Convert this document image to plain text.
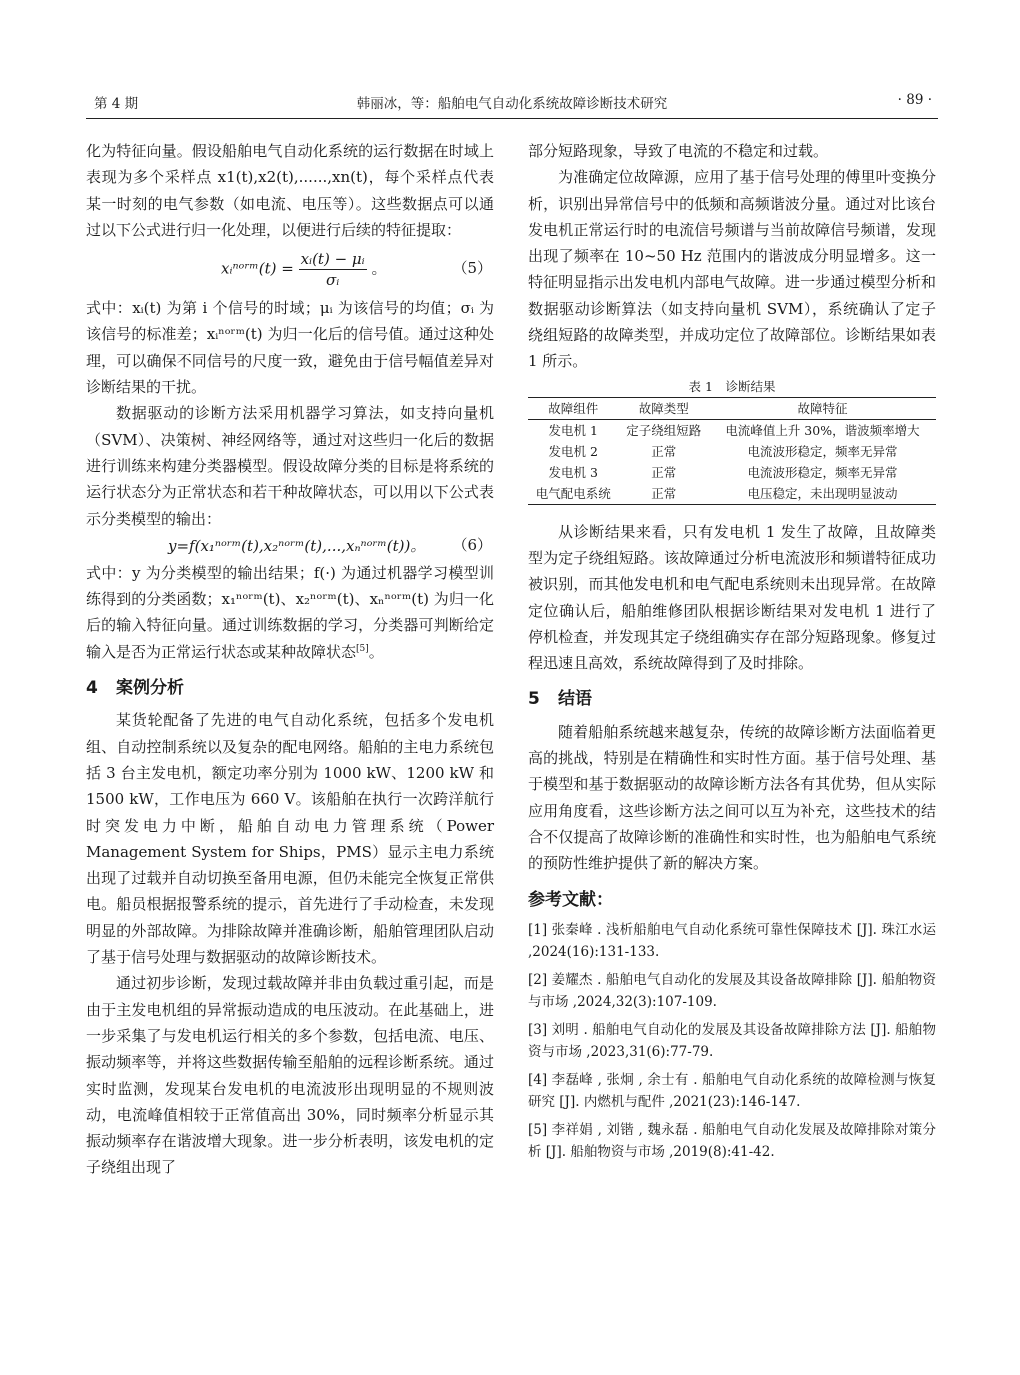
第 4 期	韩丽冰，等：船舶电气自动化系统故障诊断技术研究	· 89 ·

化为特征向量。假设船舶电气自动化系统的运行数据在时域上表现为多个采样点 x1(t),x2(t),......,xn(t)，每个采样点代表某一时刻的电气参数（如电流、电压等）。这些数据点可以通过以下公式进行归一化处理，以便进行后续的特征提取：

xᵢⁿᵒʳᵐ(t) = $\frac{\text{xᵢ(t) − μᵢ}}{\text{σᵢ}}$ 。	（5）

式中：xᵢ(t) 为第 i 个信号的时域；μᵢ 为该信号的均值；σᵢ 为该信号的标准差；xᵢⁿᵒʳᵐ(t) 为归一化后的信号值。通过这种处理，可以确保不同信号的尺度一致，避免由于信号幅值差异对诊断结果的干扰。

数据驱动的诊断方法采用机器学习算法，如支持向量机（SVM）、决策树、神经网络等，通过对这些归一化后的数据进行训练来构建分类器模型。假设故障分类的目标是将系统的运行状态分为正常状态和若干种故障状态，可以用以下公式表示分类模型的输出：

y=f(x₁ⁿᵒʳᵐ(t),x₂ⁿᵒʳᵐ(t),...,xₙⁿᵒʳᵐ(t))。 （6）

式中：y 为分类模型的输出结果；f(·) 为通过机器学习模型训练得到的分类函数；x₁ⁿᵒʳᵐ(t)、x₂ⁿᵒʳᵐ(t)、xₙⁿᵒʳᵐ(t) 为归一化后的输入特征向量。通过训练数据的学习，分类器可判断给定输入是否为正常运行状态或某种故障状态[5]。

4 案例分析

某货轮配备了先进的电气自动化系统，包括多个发电机组、自动控制系统以及复杂的配电网络。船舶的主电力系统包括 3 台主发电机，额定功率分别为 1000 kW、1200 kW 和 1500 kW，工作电压为 660 V。该船舶在执行一次跨洋航行时突发电力中断，船舶自动电力管理系统（Power Management System for Ships，PMS）显示主电力系统出现了过载并自动切换至备用电源，但仍未能完全恢复正常供电。船员根据报警系统的提示，首先进行了手动检查，未发现明显的外部故障。为排除故障并准确诊断，船舶管理团队启动了基于信号处理与数据驱动的故障诊断技术。

通过初步诊断，发现过载故障并非由负载过重引起，而是由于主发电机组的异常振动造成的电压波动。在此基础上，进一步采集了与发电机运行相关的多个参数，包括电流、电压、振动频率等，并将这些数据传输至船舶的远程诊断系统。通过实时监测，发现某台发电机的电流波形出现明显的不规则波动，电流峰值相较于正常值高出 30%，同时频率分析显示其振动频率存在谐波增大现象。进一步分析表明，该发电机的定子绕组出现了

部分短路现象，导致了电流的不稳定和过载。

为准确定位故障源，应用了基于信号处理的傅里叶变换分析，识别出异常信号中的低频和高频谐波分量。通过对比该台发电机正常运行时的电流信号频谱与当前故障信号频谱，发现出现了频率在 10~50 Hz 范围内的谐波成分明显增多。这一特征明显指示出发电机内部电气故障。进一步通过模型分析和数据驱动诊断算法（如支持向量机 SVM），系统确认了定子绕组短路的故障类型，并成功定位了故障部位。诊断结果如表 1 所示。

表 1　诊断结果

故障组件	故障类型	故障特征
发电机 1	定子绕组短路	电流峰值上升 30%，谐波频率增大
发电机 2	正常	电流波形稳定，频率无异常
发电机 3	正常	电流波形稳定，频率无异常
电气配电系统	正常	电压稳定，未出现明显波动

从诊断结果来看，只有发电机 1 发生了故障，且故障类型为定子绕组短路。该故障通过分析电流波形和频谱特征成功被识别，而其他发电机和电气配电系统则未出现异常。在故障定位确认后，船舶维修团队根据诊断结果对发电机 1 进行了停机检查，并发现其定子绕组确实存在部分短路现象。修复过程迅速且高效，系统故障得到了及时排除。

5 结语

随着船舶系统越来越复杂，传统的故障诊断方法面临着更高的挑战，特别是在精确性和实时性方面。基于信号处理、基于模型和基于数据驱动的故障诊断方法各有其优势，但从实际应用角度看，这些诊断方法之间可以互为补充，这些技术的结合不仅提高了故障诊断的准确性和实时性，也为船舶电气系统的预防性维护提供了新的解决方案。

参考文献：

[1] 张秦峰 . 浅析船舶电气自动化系统可靠性保障技术 [J]. 珠江水运 ,2024(16):131-133.

[2] 姜耀杰 . 船舶电气自动化的发展及其设备故障排除 [J]. 船舶物资与市场 ,2024,32(3):107-109.

[3] 刘明 . 船舶电气自动化的发展及其设备故障排除方法 [J]. 船舶物资与市场 ,2023,31(6):77-79.

[4] 李磊峰 , 张炯 , 余士有 . 船舶电气自动化系统的故障检测与恢复研究 [J]. 内燃机与配件 ,2021(23):146-147.

[5] 李祥娟 , 刘锴 , 魏永磊 . 船舶电气自动化发展及故障排除对策分析 [J]. 船舶物资与市场 ,2019(8):41-42.
